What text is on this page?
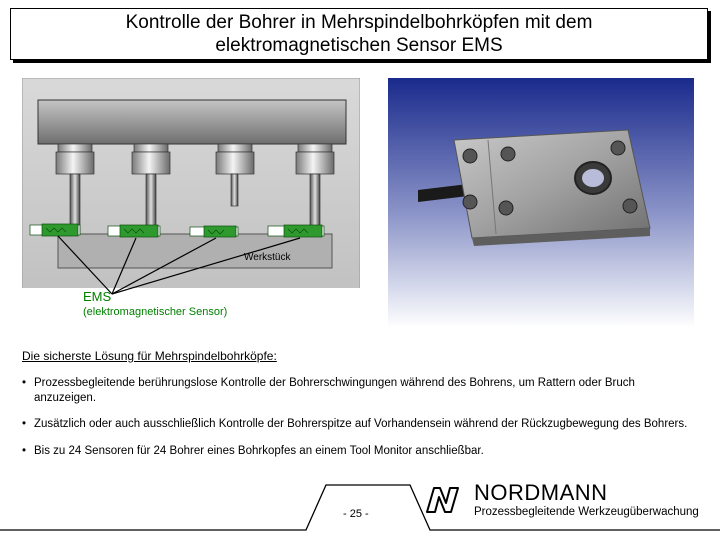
Kontrolle der Bohrer in Mehrspindelbohrköpfen mit dem
elektromagnetischen Sensor EMS
Werkstück
EMS
(elektromagnetischer Sensor)
Die sicherste Lösung für Mehrspindelbohrköpfe:
• Prozessbegleitende berührungslose Kontrolle der Bohrerschwingungen während des Bohrens, um Rattern oder Bruch anzuzeigen.
• Zusätzlich oder auch ausschließlich Kontrolle der Bohrerspitze auf Vorhandensein während der Rückzugbewegung des Bohrers.
• Bis zu 24 Sensoren für 24 Bohrer eines Bohrkopfes an einem Tool Monitor anschließbar.
- 25 -
NORDMANN
Prozessbegleitende Werkzeugüberwachung
